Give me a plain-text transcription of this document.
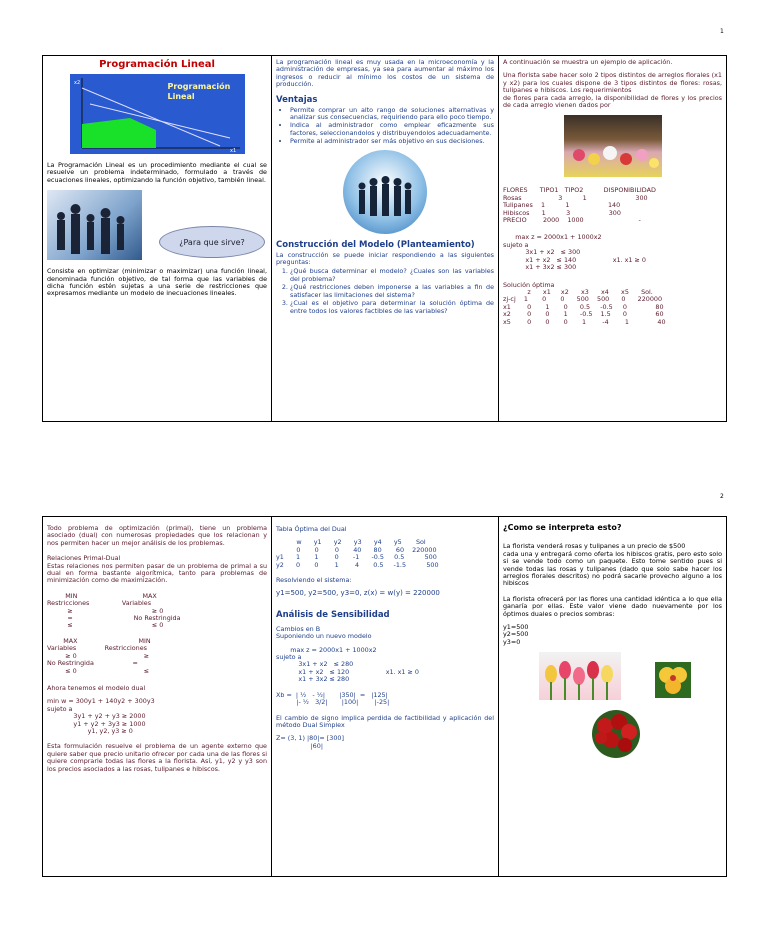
1
Programación Lineal
x2
x1
Programación Lineal

La Programación Lineal es un procedimiento mediante el cual se resuelve un problema indeterminado, formulado a través de ecuaciones lineales, optimizando la función objetivo, también lineal.

¿Para que sirve?

Consiste en optimizar (minimizar o maximizar) una función lineal, denominada función objetivo, de tal forma que las variables de dicha función estén sujetas a una serie de restricciones que expresamos mediante un modelo de inecuaciones lineales.

La programación lineal es muy usada en la microeconomía y la administración de empresas, ya sea para aumentar al máximo los ingresos o reducir al mínimo los costos de un sistema de producción.

Ventajas
• Permite comprar un alto rango de soluciones alternativas y analizar sus consecuencias, requiriendo para ello poco tiempo.
• Indica al administrador como emplear eficazmente sus factores, seleccionandolos y distribuyendolos adecuadamente.
• Permite al administrador ser más objetivo en sus decisiones.
Construcción del Modelo (Planteamiento)

La construcción se puede iniciar respondiendo a las siguientes preguntas:

1. ¿Qué busca determinar el modelo? ¿Cuales son las variables del problema?
2. ¿Qué restricciones deben imponerse a las variables a fin de satisfacer las limitaciones del sistema?
3. ¿Cual es el objetivo para determinar la solución óptima de entre todos los valores factibles de las variables?

A continuación se muestra un ejemplo de aplicación.

Una florista sabe hacer solo 2 tipos distintos de arreglos florales (x1 y x2) para los cuales dispone de 3 tipos distintos de flores: rosas, tulipanes e hibiscos. Los requerimientos

de flores para cada arreglo, la disponibilidad de flores y los precios de cada arreglo vienen dados por

FLORES      TIPO1   TIPO2          DISPONIBILIDAD
Rosas                  3          1                        300
Tulipanes    1          1                   140
Hibiscos      1          3                   300
PRECIO        2000    1000                           -
max z = 2000x1 + 1000x2
sujeto a
3x1 + x2   ≤ 300
x1 + x2   ≤ 140                  x1. x1 ≥ 0
x1 + 3x2 ≤ 300
Solución óptima
z      x1     x2      x3      x4      x5      Sol.
zj-cj    1       0       0      500    500      0      220000
x1        0       1       0      0.5     -0.5     0              80
x2        0       0       1      -0.5    1.5      0              60
x5        0       0       0       1        -4        1              40
2

Todo problema de optimización (primal), tiene un problema asociado (dual) con numerosas propiedades que los relacionan y nos permiten hacer un mejor análisis de los problemas.

Relaciones Primal-Dual

Estas relaciones nos permiten pasar de un problema de primal a su dual en forma bastante algorítmica, tanto para problemas de minimización como de maximización.

MIN                                MAX
Restricciones                Variables
≥                                       ≥ 0
=                              No Restringida
≤                                       ≤ 0
MAX                              MIN
Variables              Restricciones
≥ 0                                 ≥
No Restringida                   =
≤ 0                                 ≤
Ahora tenemos el modelo dual
min w = 300y1 + 140y2 + 300y3
sujeto a
3y1 + y2 + y3 ≥ 2000
y1 + y2 + 3y3 ≥ 1000
y1, y2, y3 ≥ 0

Esta formulación resuelve el problema de un agente externo que quiere saber que precio unitario ofrecer por cada una de las flores si quiere comprarle todas las flores a la florista. Así, y1, y2 y y3 son los precios asociados a las rosas, tulipanes e hibiscos.

Tabla Óptima del Dual
w      y1      y2      y3      y4      y5       Sol
0       0        0       40      80       60    220000
y1      1       1        0       -1      -0.5     0.5          500
y2      0       0        1        4       0.5     -1.5          500
Resolviendo el sistema:
y1=500, y2=500, y3=0, z(x) = w(y) = 220000
Análisis de Sensibilidad
Cambios en B
Suponiendo un nuevo modelo
max z = 2000x1 + 1000x2
sujeto a
3x1 + x2   ≤ 280
x1 + x2   ≤ 120                  x1. x1 ≥ 0
x1 + 3x2 ≤ 280
Xb =  | ½   - ½|       |350|  =   |125|
|- ½   3/2|       |100|        |-25|

El cambio de signo implica perdida de factibilidad y aplicación del método Dual Simplex

Z= (3, 1) |80|= [300]
|60|
¿Como se interpreta esto?

La florista venderá rosas y tulipanes a un precio de $500
cada una y entregará como oferta los hibiscos gratis, pero esto solo si se vende todo como un paquete. Esto tome sentido pues si vende todas las rosas y tulipanes (dado que solo sabe hacer los arreglos florales descritos) no podrá sacarle provecho alguno a los hibiscos

La florista ofrecerá por las flores una cantidad idéntica a lo que ella ganaría por ellas. Este valor viene dado nuevamente por los óptimos duales o precios sombras:

y1=500
y2=500
y3=0
